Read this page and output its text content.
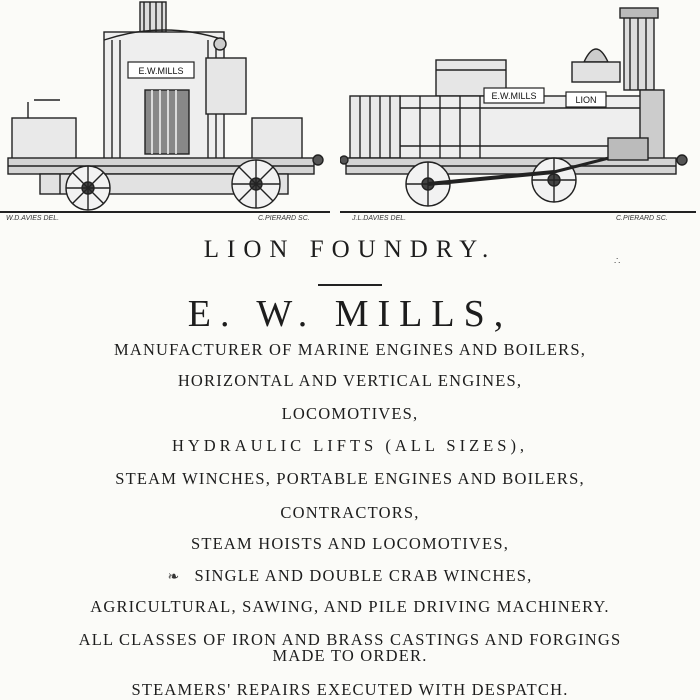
E.W.MILLS
W.D.AVIES DEL.	C.PIERARD SC.
E.W.MILLS	LION
J.L.DAVIES DEL.	C.PIERARD SC.
LION FOUNDRY.	∴
E. W. MILLS,
MANUFACTURER OF MARINE ENGINES AND BOILERS,
HORIZONTAL AND VERTICAL ENGINES,
LOCOMOTIVES,
HYDRAULIC LIFTS (ALL SIZES),
STEAM WINCHES, PORTABLE ENGINES AND BOILERS,
CONTRACTORS,
STEAM HOISTS AND LOCOMOTIVES,
❧ SINGLE AND DOUBLE CRAB WINCHES,
AGRICULTURAL, SAWING, AND PILE DRIVING MACHINERY.
ALL CLASSES OF IRON AND BRASS CASTINGS AND FORGINGS
MADE TO ORDER.
STEAMERS' REPAIRS EXECUTED WITH DESPATCH.
